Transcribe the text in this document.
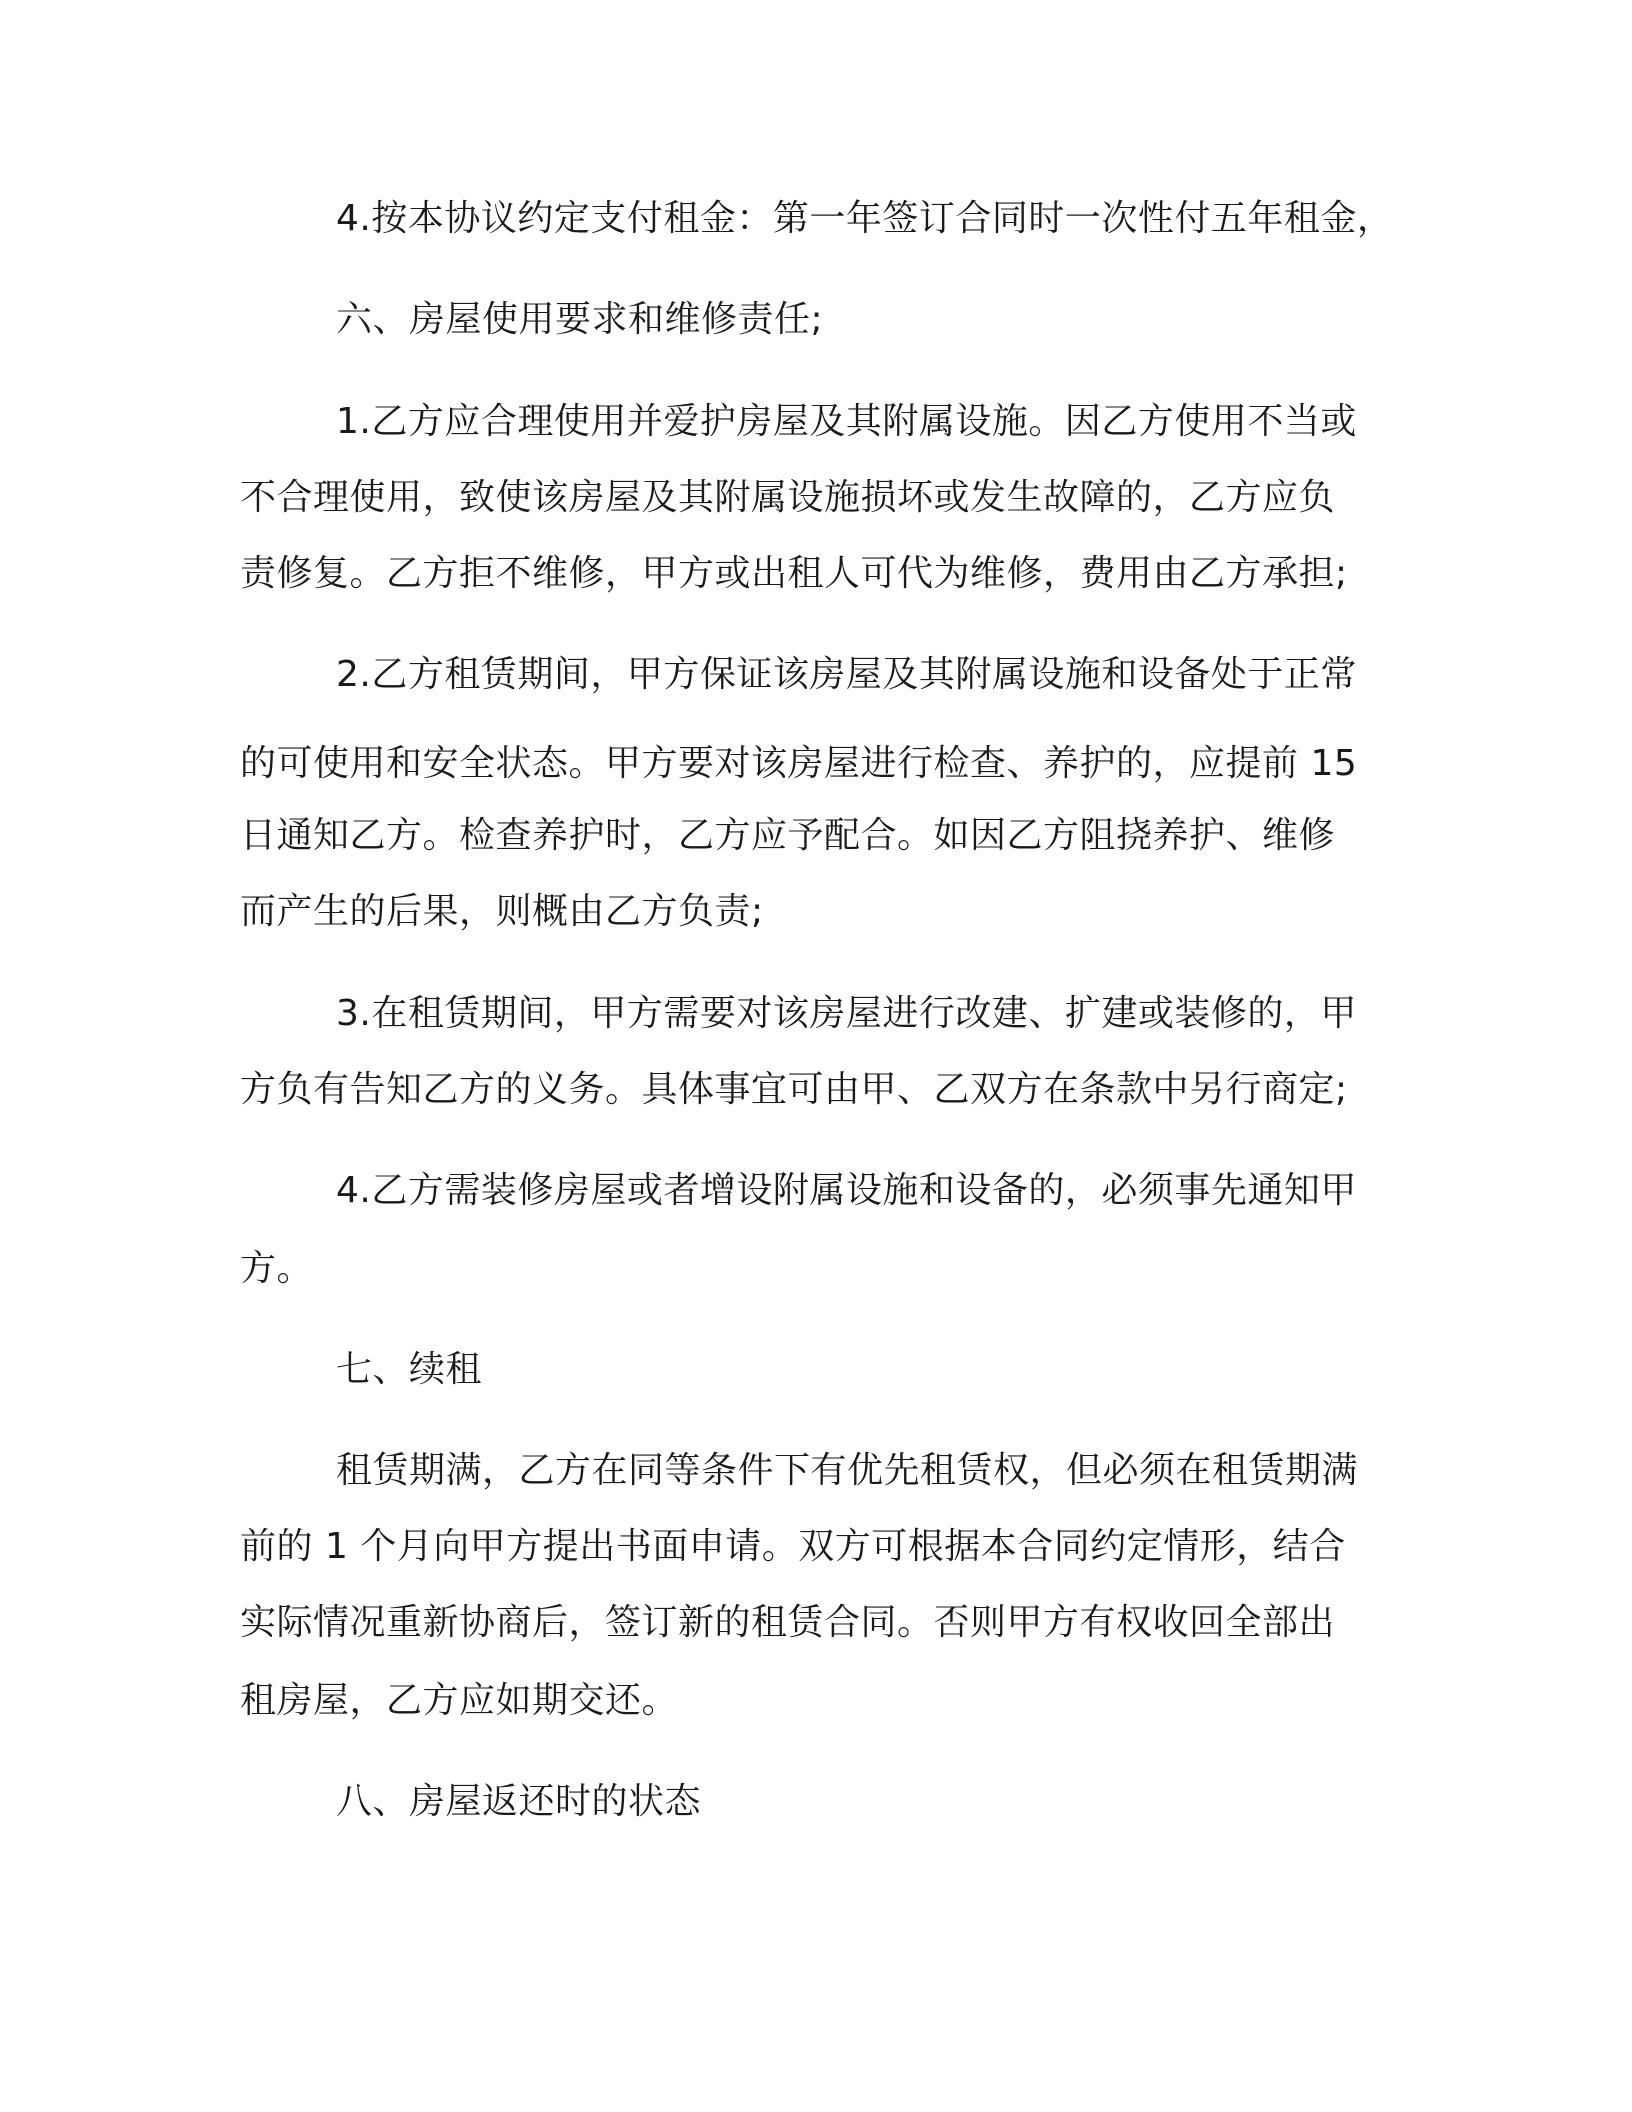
4.按本协议约定支付租金：第一年签订合同时一次性付五年租金，
六、房屋使用要求和维修责任;
1.乙方应合理使用并爱护房屋及其附属设施。因乙方使用不当或
不合理使用，致使该房屋及其附属设施损坏或发生故障的，乙方应负
责修复。乙方拒不维修，甲方或出租人可代为维修，费用由乙方承担;
2.乙方租赁期间，甲方保证该房屋及其附属设施和设备处于正常
的可使用和安全状态。甲方要对该房屋进行检查、养护的，应提前 15
日通知乙方。检查养护时，乙方应予配合。如因乙方阻挠养护、维修
而产生的后果，则概由乙方负责;
3.在租赁期间，甲方需要对该房屋进行改建、扩建或装修的，甲
方负有告知乙方的义务。具体事宜可由甲、乙双方在条款中另行商定;
4.乙方需装修房屋或者增设附属设施和设备的，必须事先通知甲
方。
七、续租
租赁期满，乙方在同等条件下有优先租赁权，但必须在租赁期满
前的 1 个月向甲方提出书面申请。双方可根据本合同约定情形，结合
实际情况重新协商后，签订新的租赁合同。否则甲方有权收回全部出
租房屋，乙方应如期交还。
八、房屋返还时的状态
